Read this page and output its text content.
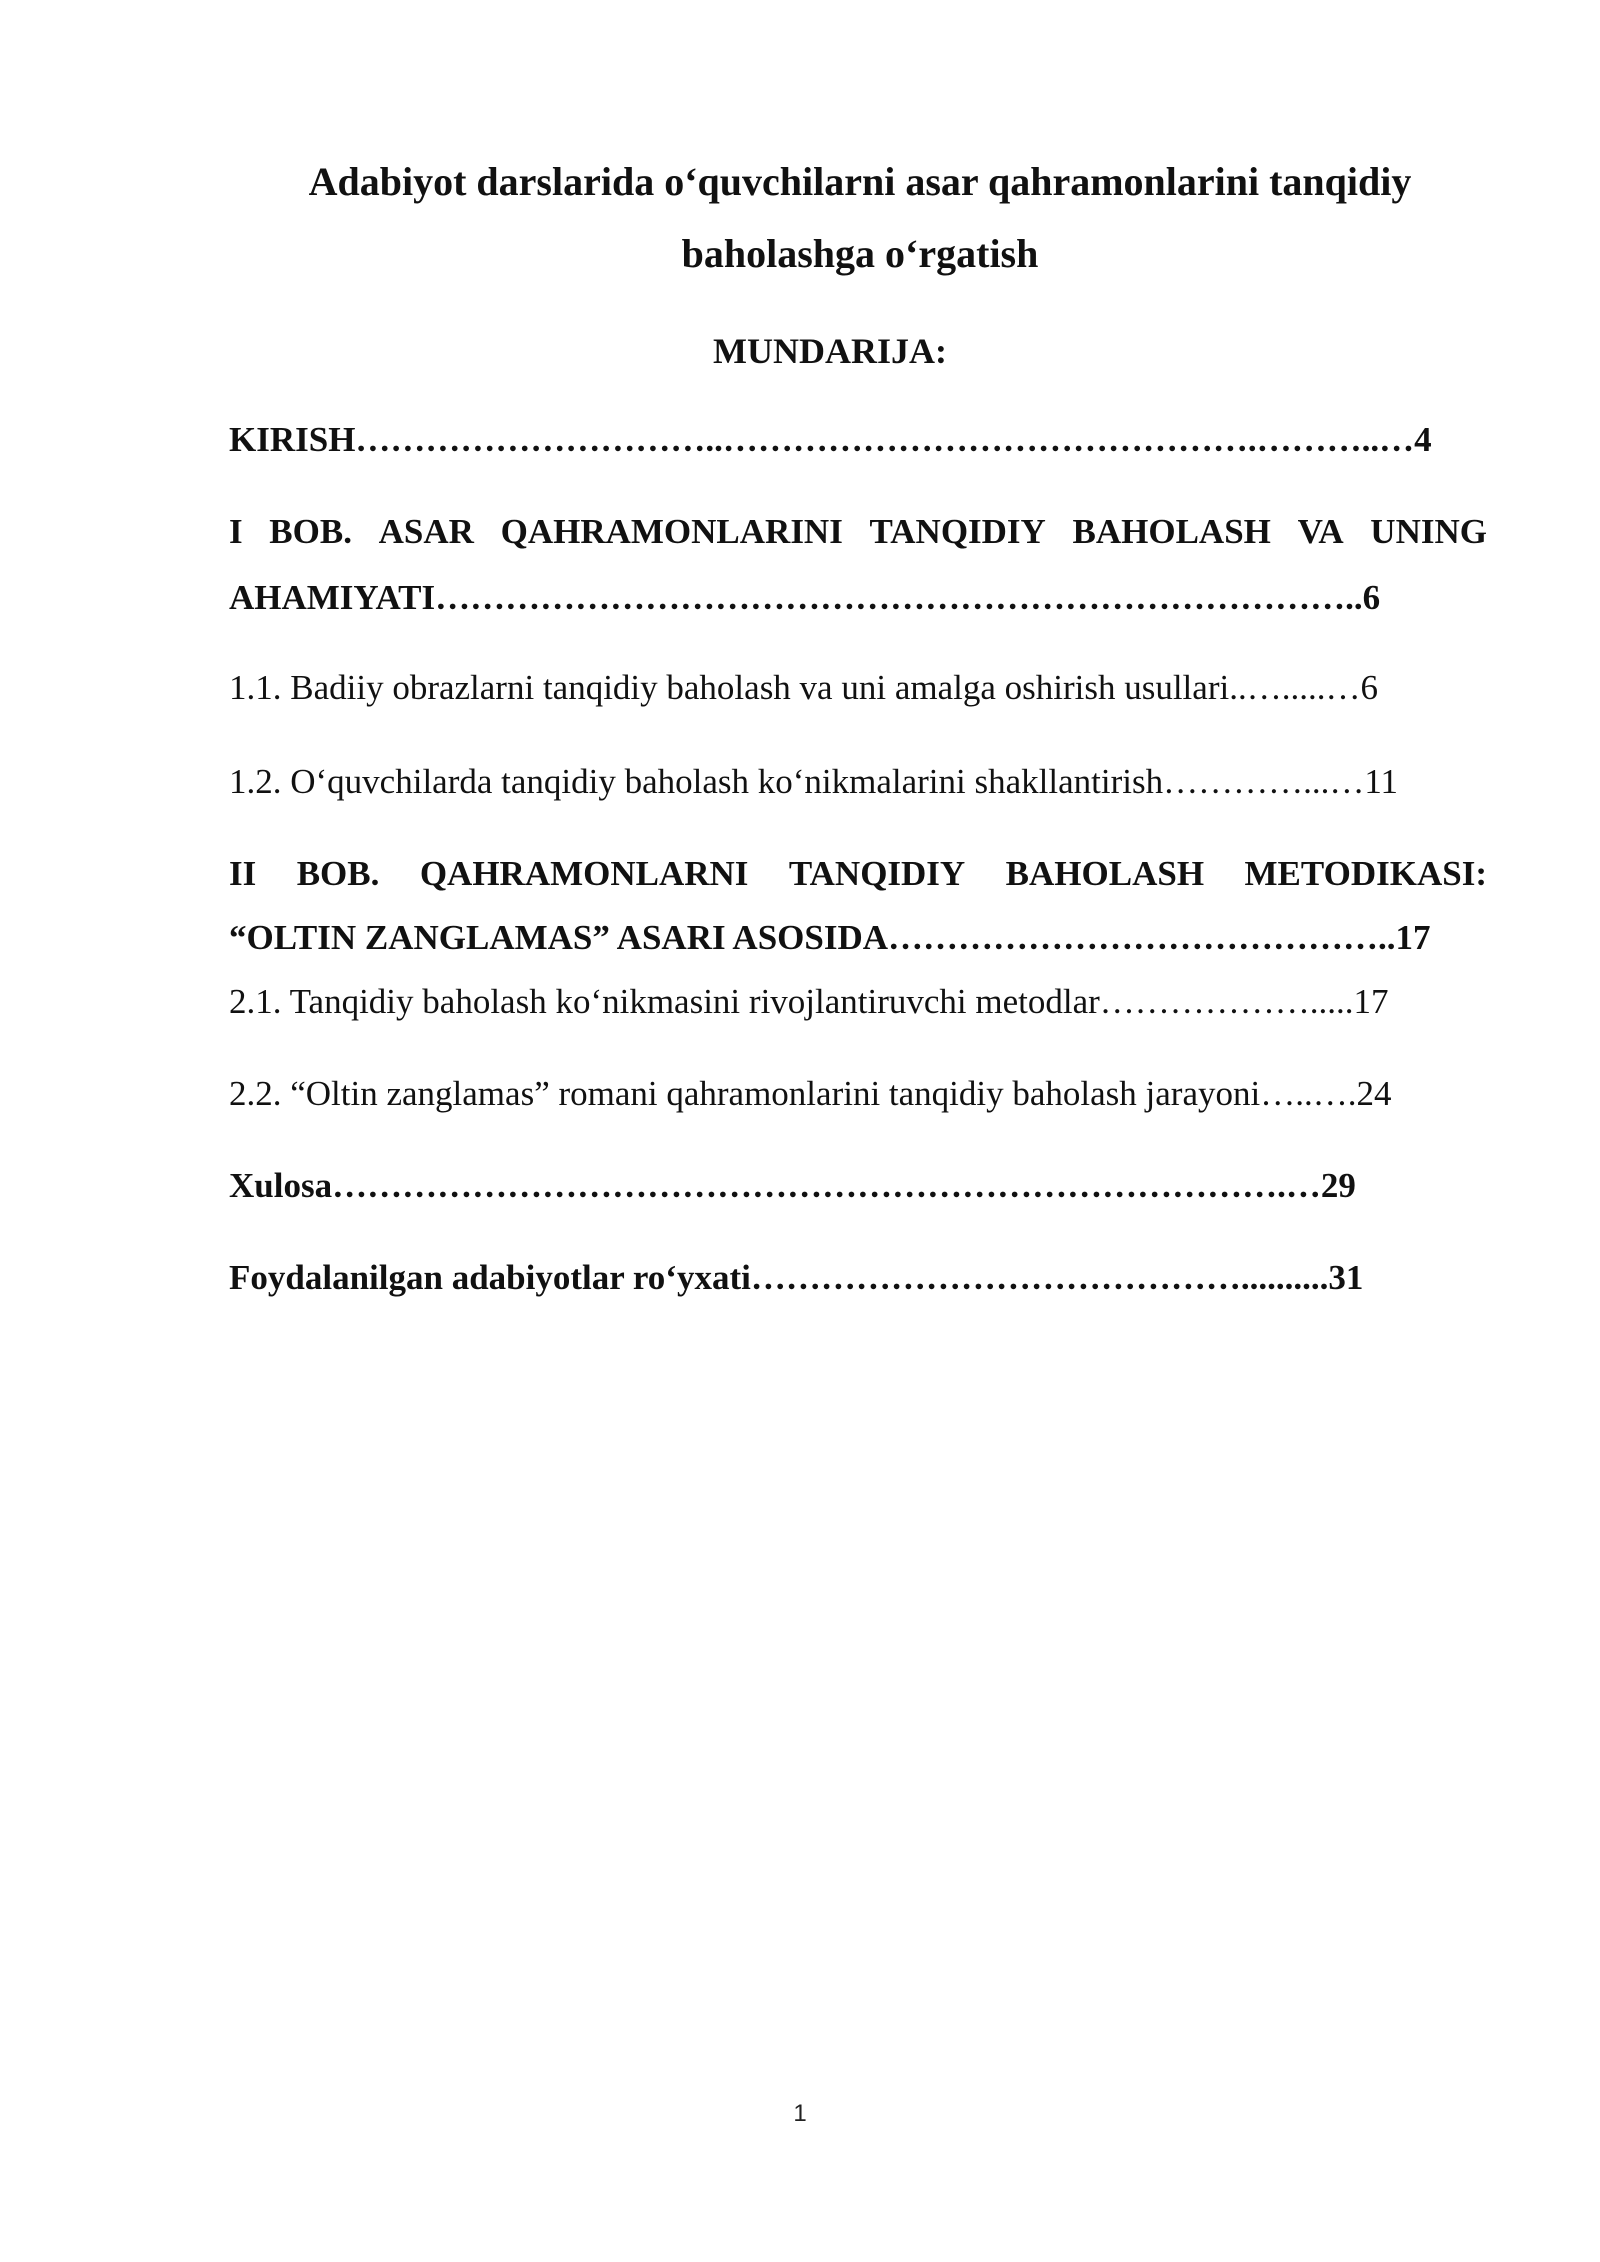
Adabiyot darslarida o‘quvchilarni asar qahramonlarini tanqidiy
baholashga o‘rgatish
MUNDARIJA:
KIRISH…………………………..……………………………………….………..…4
I BOB. ASAR QAHRAMONLARINI TANQIDIY BAHOLASH VA UNING
AHAMIYATI……………………………………………………………………..6
1.1. Badiiy obrazlarni tanqidiy baholash va uni amalga oshirish usullari..….....…6
1.2. O‘quvchilarda tanqidiy baholash ko‘nikmalarini shakllantirish…………...…11
II BOB. QAHRAMONLARNI TANQIDIY BAHOLASH METODIKASI:
“OLTIN ZANGLAMAS” ASARI ASOSIDA……………………………………..17
2.1. Tanqidiy baholash ko‘nikmasini rivojlantiruvchi metodlar……………….....17
2.2. “Oltin zanglamas” romani qahramonlarini tanqidiy baholash jarayoni…..….24
Xulosa……………………………………………………………………….…29
Foydalanilgan adabiyotlar ro‘yxati……………………………………..........31
1
